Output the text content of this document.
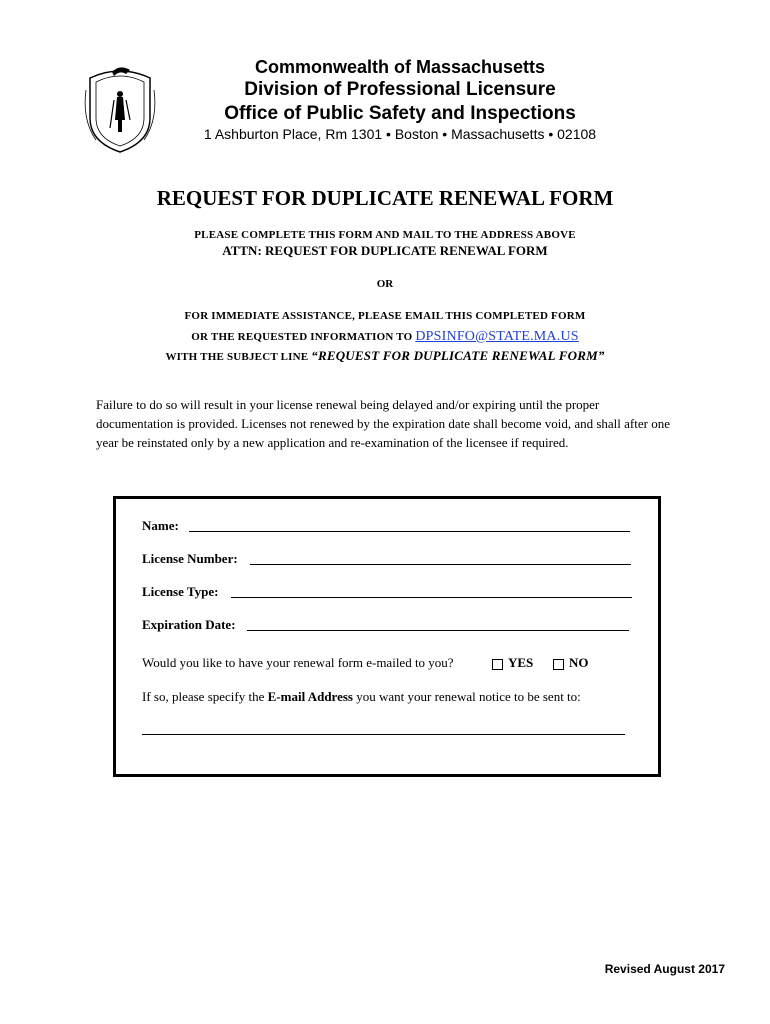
Commonwealth of Massachusetts
Division of Professional Licensure
Office of Public Safety and Inspections
1 Ashburton Place, Rm 1301 • Boston • Massachusetts • 02108
REQUEST FOR DUPLICATE RENEWAL FORM
PLEASE COMPLETE THIS FORM AND MAIL TO THE ADDRESS ABOVE
ATTN: REQUEST FOR DUPLICATE RENEWAL FORM
OR
FOR IMMEDIATE ASSISTANCE, PLEASE EMAIL THIS COMPLETED FORM
OR THE REQUESTED INFORMATION TO DPSINFO@STATE.MA.US
WITH THE SUBJECT LINE “REQUEST FOR DUPLICATE RENEWAL FORM”
Failure to do so will result in your license renewal being delayed and/or expiring until the proper documentation is provided. Licenses not renewed by the expiration date shall become void, and shall after one year be reinstated only by a new application and re-examination of the licensee if required.
Name:
License Number:
License Type:
Expiration Date:
Would you like to have your renewal form e-mailed to you?	YES	NO
If so, please specify the E-mail Address you want your renewal notice to be sent to:
Revised August 2017
